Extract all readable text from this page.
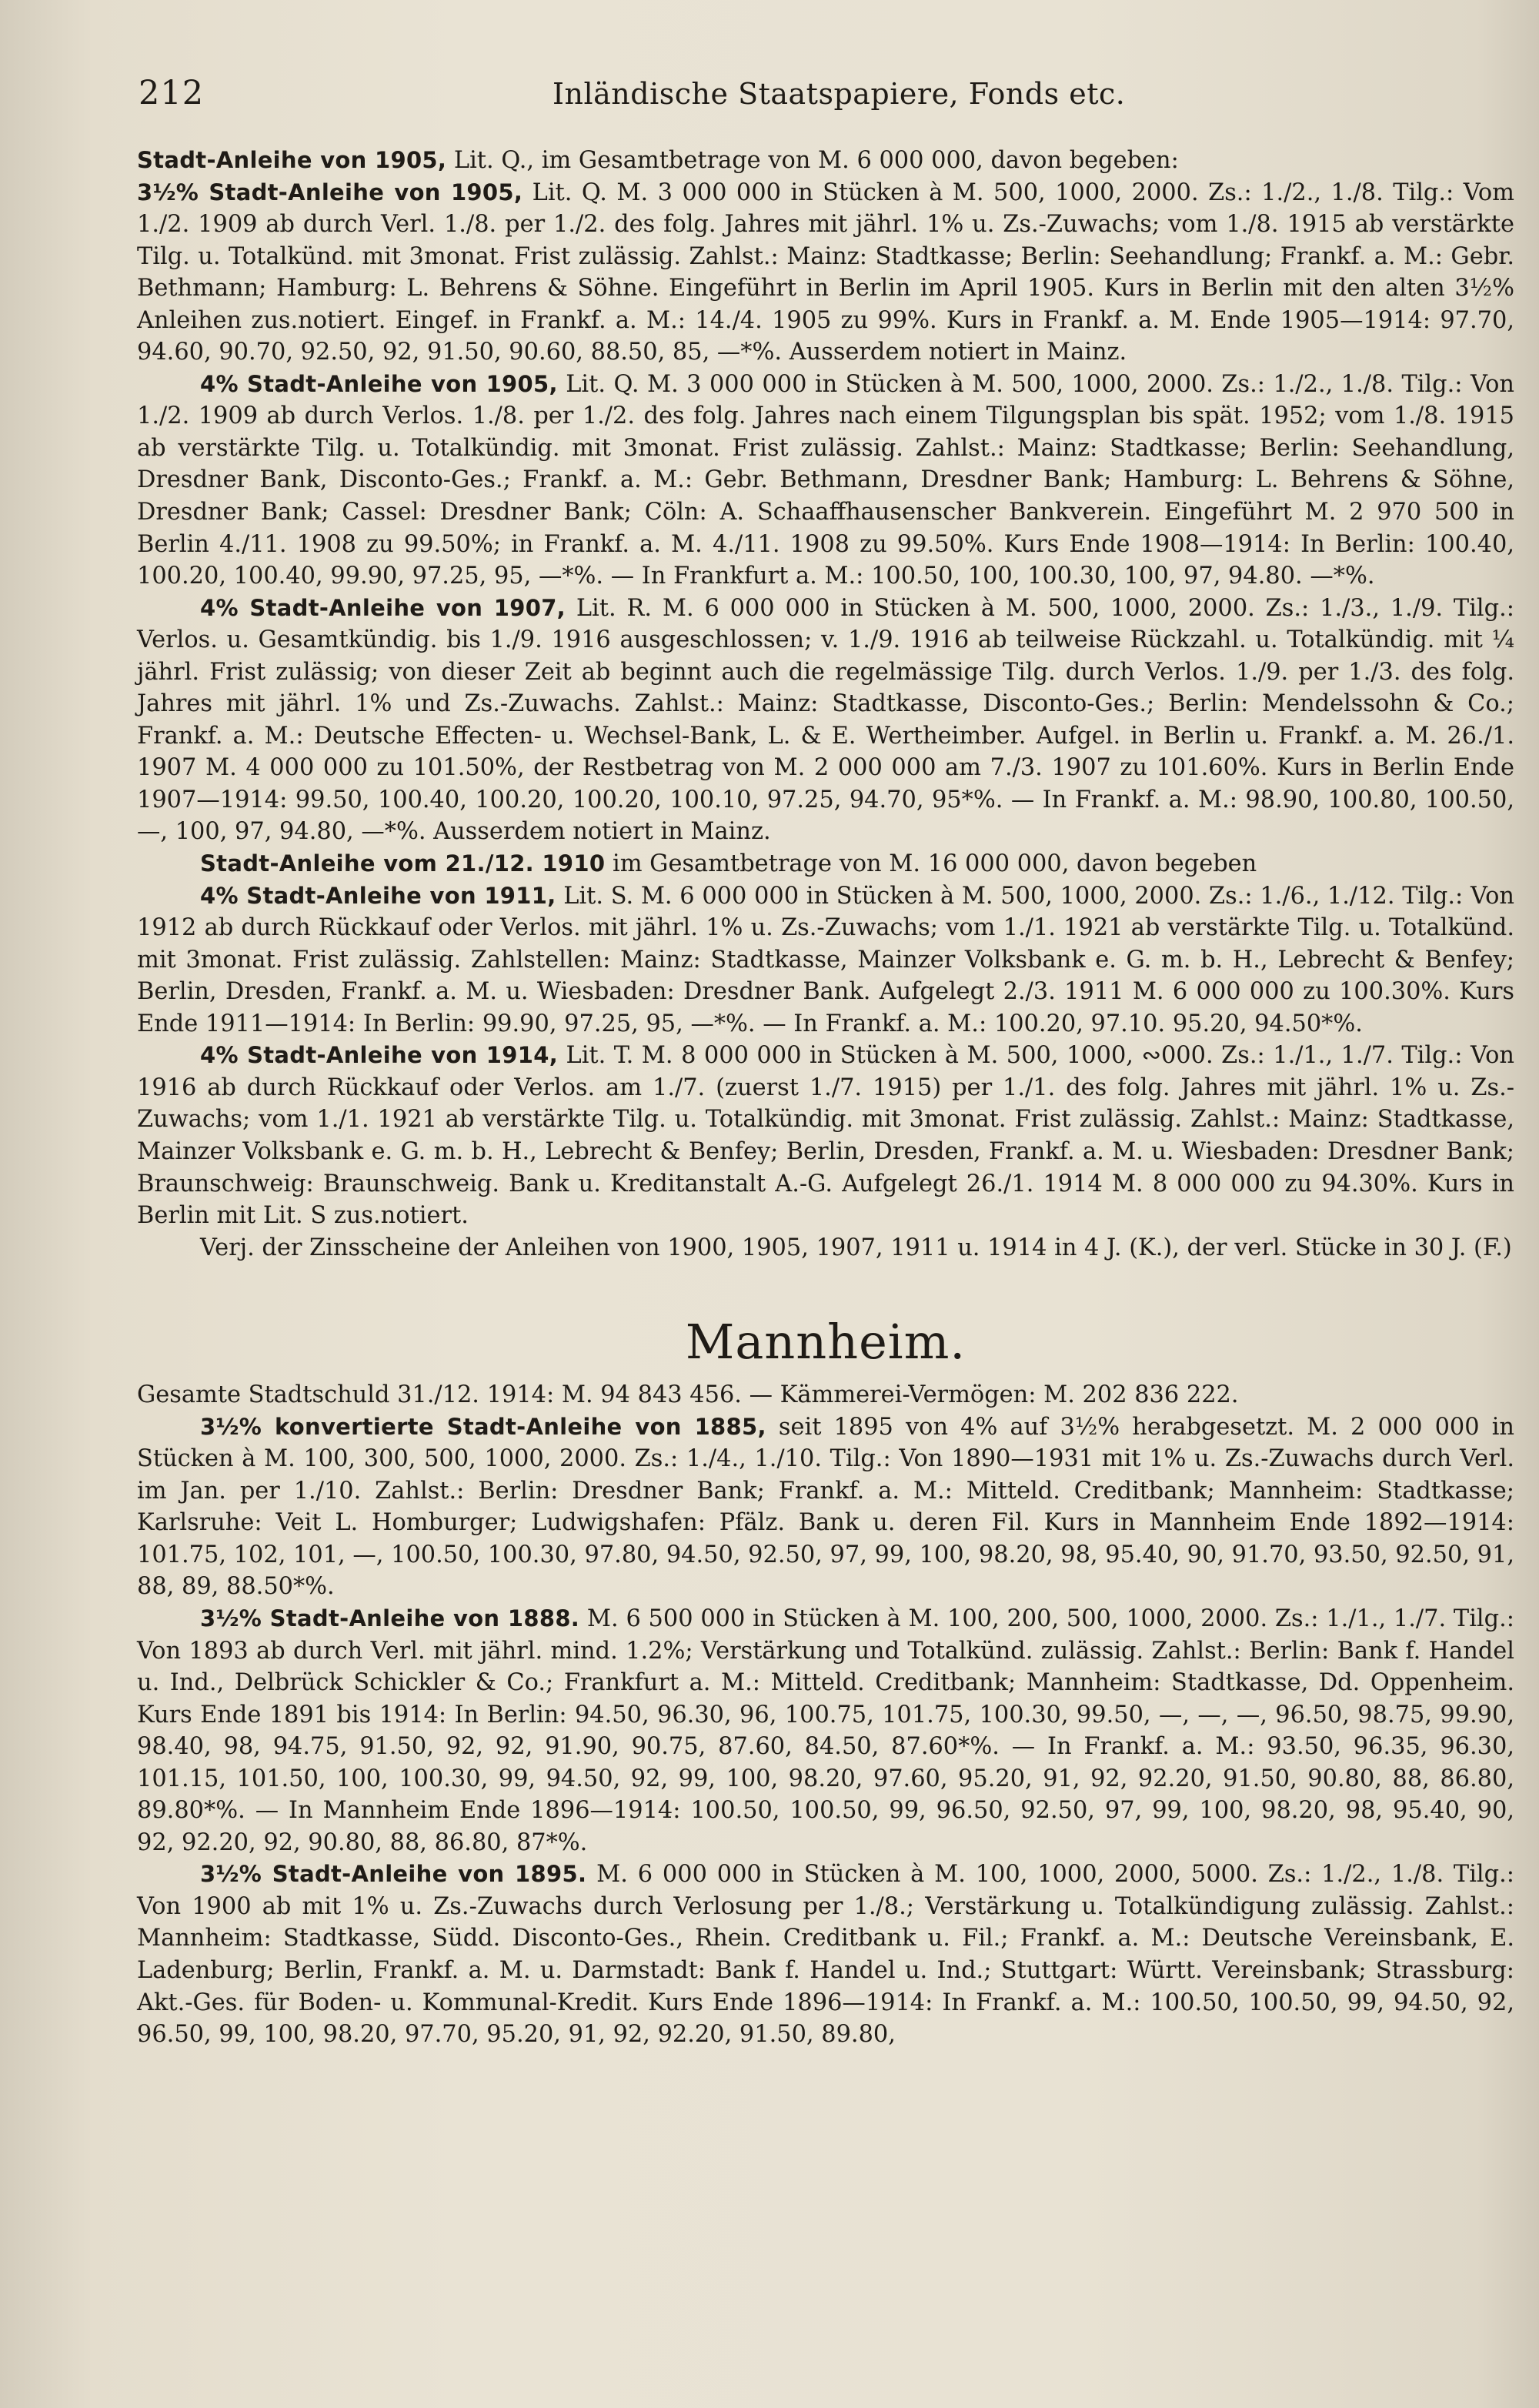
212	Inländische Staatspapiere, Fonds etc.

Stadt-Anleihe von 1905, Lit. Q., im Gesamtbetrage von M. 6 000 000, davon begeben:

3½% Stadt-Anleihe von 1905, Lit. Q. M. 3 000 000 in Stücken à M. 500, 1000, 2000. Zs.: 1./2., 1./8. Tilg.: Vom 1./2. 1909 ab durch Verl. 1./8. per 1./2. des folg. Jahres mit jährl. 1% u. Zs.-Zuwachs; vom 1./8. 1915 ab verstärkte Tilg. u. Totalkünd. mit 3monat. Frist zulässig. Zahlst.: Mainz: Stadtkasse; Berlin: Seehandlung; Frankf. a. M.: Gebr. Bethmann; Hamburg: L. Behrens & Söhne. Eingeführt in Berlin im April 1905. Kurs in Berlin mit den alten 3½% Anleihen zus.notiert. Eingef. in Frankf. a. M.: 14./4. 1905 zu 99%. Kurs in Frankf. a. M. Ende 1905—1914: 97.70, 94.60, 90.70, 92.50, 92, 91.50, 90.60, 88.50, 85, —*%. Ausserdem notiert in Mainz.

4% Stadt-Anleihe von 1905, Lit. Q. M. 3 000 000 in Stücken à M. 500, 1000, 2000. Zs.: 1./2., 1./8. Tilg.: Von 1./2. 1909 ab durch Verlos. 1./8. per 1./2. des folg. Jahres nach einem Tilgungsplan bis spät. 1952; vom 1./8. 1915 ab verstärkte Tilg. u. Totalkündig. mit 3monat. Frist zulässig. Zahlst.: Mainz: Stadtkasse; Berlin: Seehandlung, Dresdner Bank, Disconto-Ges.; Frankf. a. M.: Gebr. Bethmann, Dresdner Bank; Hamburg: L. Behrens & Söhne, Dresdner Bank; Cassel: Dresdner Bank; Cöln: A. Schaaffhausenscher Bankverein. Eingeführt M. 2 970 500 in Berlin 4./11. 1908 zu 99.50%; in Frankf. a. M. 4./11. 1908 zu 99.50%. Kurs Ende 1908—1914: In Berlin: 100.40, 100.20, 100.40, 99.90, 97.25, 95, —*%. — In Frankfurt a. M.: 100.50, 100, 100.30, 100, 97, 94.80. —*%.

4% Stadt-Anleihe von 1907, Lit. R. M. 6 000 000 in Stücken à M. 500, 1000, 2000. Zs.: 1./3., 1./9. Tilg.: Verlos. u. Gesamtkündig. bis 1./9. 1916 ausgeschlossen; v. 1./9. 1916 ab teilweise Rückzahl. u. Totalkündig. mit ¼ jährl. Frist zulässig; von dieser Zeit ab beginnt auch die regelmässige Tilg. durch Verlos. 1./9. per 1./3. des folg. Jahres mit jährl. 1% und Zs.-Zuwachs. Zahlst.: Mainz: Stadtkasse, Disconto-Ges.; Berlin: Mendelssohn & Co.; Frankf. a. M.: Deutsche Effecten- u. Wechsel-Bank, L. & E. Wertheimber. Aufgel. in Berlin u. Frankf. a. M. 26./1. 1907 M. 4 000 000 zu 101.50%, der Restbetrag von M. 2 000 000 am 7./3. 1907 zu 101.60%. Kurs in Berlin Ende 1907—1914: 99.50, 100.40, 100.20, 100.20, 100.10, 97.25, 94.70, 95*%. — In Frankf. a. M.: 98.90, 100.80, 100.50, —, 100, 97, 94.80, —*%. Ausserdem notiert in Mainz.

Stadt-Anleihe vom 21./12. 1910 im Gesamtbetrage von M. 16 000 000, davon begeben

4% Stadt-Anleihe von 1911, Lit. S. M. 6 000 000 in Stücken à M. 500, 1000, 2000. Zs.: 1./6., 1./12. Tilg.: Von 1912 ab durch Rückkauf oder Verlos. mit jährl. 1% u. Zs.-Zuwachs; vom 1./1. 1921 ab verstärkte Tilg. u. Totalkünd. mit 3monat. Frist zulässig. Zahlstellen: Mainz: Stadtkasse, Mainzer Volksbank e. G. m. b. H., Lebrecht & Benfey; Berlin, Dresden, Frankf. a. M. u. Wiesbaden: Dresdner Bank. Aufgelegt 2./3. 1911 M. 6 000 000 zu 100.30%. Kurs Ende 1911—1914: In Berlin: 99.90, 97.25, 95, —*%. — In Frankf. a. M.: 100.20, 97.10. 95.20, 94.50*%.

4% Stadt-Anleihe von 1914, Lit. T. M. 8 000 000 in Stücken à M. 500, 1000, ∾000. Zs.: 1./1., 1./7. Tilg.: Von 1916 ab durch Rückkauf oder Verlos. am 1./7. (zuerst 1./7. 1915) per 1./1. des folg. Jahres mit jährl. 1% u. Zs.-Zuwachs; vom 1./1. 1921 ab verstärkte Tilg. u. Totalkündig. mit 3monat. Frist zulässig. Zahlst.: Mainz: Stadtkasse, Mainzer Volksbank e. G. m. b. H., Lebrecht & Benfey; Berlin, Dresden, Frankf. a. M. u. Wiesbaden: Dresdner Bank; Braunschweig: Braunschweig. Bank u. Kreditanstalt A.-G. Aufgelegt 26./1. 1914 M. 8 000 000 zu 94.30%. Kurs in Berlin mit Lit. S zus.notiert.

Verj. der Zinsscheine der Anleihen von 1900, 1905, 1907, 1911 u. 1914 in 4 J. (K.), der verl. Stücke in 30 J. (F.)

Mannheim.

Gesamte Stadtschuld 31./12. 1914: M. 94 843 456. — Kämmerei-Vermögen: M. 202 836 222.

3½% konvertierte Stadt-Anleihe von 1885, seit 1895 von 4% auf 3½% herabgesetzt. M. 2 000 000 in Stücken à M. 100, 300, 500, 1000, 2000. Zs.: 1./4., 1./10. Tilg.: Von 1890—1931 mit 1% u. Zs.-Zuwachs durch Verl. im Jan. per 1./10. Zahlst.: Berlin: Dresdner Bank; Frankf. a. M.: Mitteld. Creditbank; Mannheim: Stadtkasse; Karlsruhe: Veit L. Homburger; Ludwigshafen: Pfälz. Bank u. deren Fil. Kurs in Mannheim Ende 1892—1914: 101.75, 102, 101, —, 100.50, 100.30, 97.80, 94.50, 92.50, 97, 99, 100, 98.20, 98, 95.40, 90, 91.70, 93.50, 92.50, 91, 88, 89, 88.50*%.

3½% Stadt-Anleihe von 1888. M. 6 500 000 in Stücken à M. 100, 200, 500, 1000, 2000. Zs.: 1./1., 1./7. Tilg.: Von 1893 ab durch Verl. mit jährl. mind. 1.2%; Verstärkung und Totalkünd. zulässig. Zahlst.: Berlin: Bank f. Handel u. Ind., Delbrück Schickler & Co.; Frankfurt a. M.: Mitteld. Creditbank; Mannheim: Stadtkasse, Dd. Oppenheim. Kurs Ende 1891 bis 1914: In Berlin: 94.50, 96.30, 96, 100.75, 101.75, 100.30, 99.50, —, —, —, 96.50, 98.75, 99.90, 98.40, 98, 94.75, 91.50, 92, 92, 91.90, 90.75, 87.60, 84.50, 87.60*%. — In Frankf. a. M.: 93.50, 96.35, 96.30, 101.15, 101.50, 100, 100.30, 99, 94.50, 92, 99, 100, 98.20, 97.60, 95.20, 91, 92, 92.20, 91.50, 90.80, 88, 86.80, 89.80*%. — In Mannheim Ende 1896—1914: 100.50, 100.50, 99, 96.50, 92.50, 97, 99, 100, 98.20, 98, 95.40, 90, 92, 92.20, 92, 90.80, 88, 86.80, 87*%.

3½% Stadt-Anleihe von 1895. M. 6 000 000 in Stücken à M. 100, 1000, 2000, 5000. Zs.: 1./2., 1./8. Tilg.: Von 1900 ab mit 1% u. Zs.-Zuwachs durch Verlosung per 1./8.; Verstärkung u. Totalkündigung zulässig. Zahlst.: Mannheim: Stadtkasse, Südd. Disconto-Ges., Rhein. Creditbank u. Fil.; Frankf. a. M.: Deutsche Vereinsbank, E. Ladenburg; Berlin, Frankf. a. M. u. Darmstadt: Bank f. Handel u. Ind.; Stuttgart: Württ. Vereinsbank; Strassburg: Akt.-Ges. für Boden- u. Kommunal-Kredit. Kurs Ende 1896—1914: In Frankf. a. M.: 100.50, 100.50, 99, 94.50, 92, 96.50, 99, 100, 98.20, 97.70, 95.20, 91, 92, 92.20, 91.50, 89.80,
